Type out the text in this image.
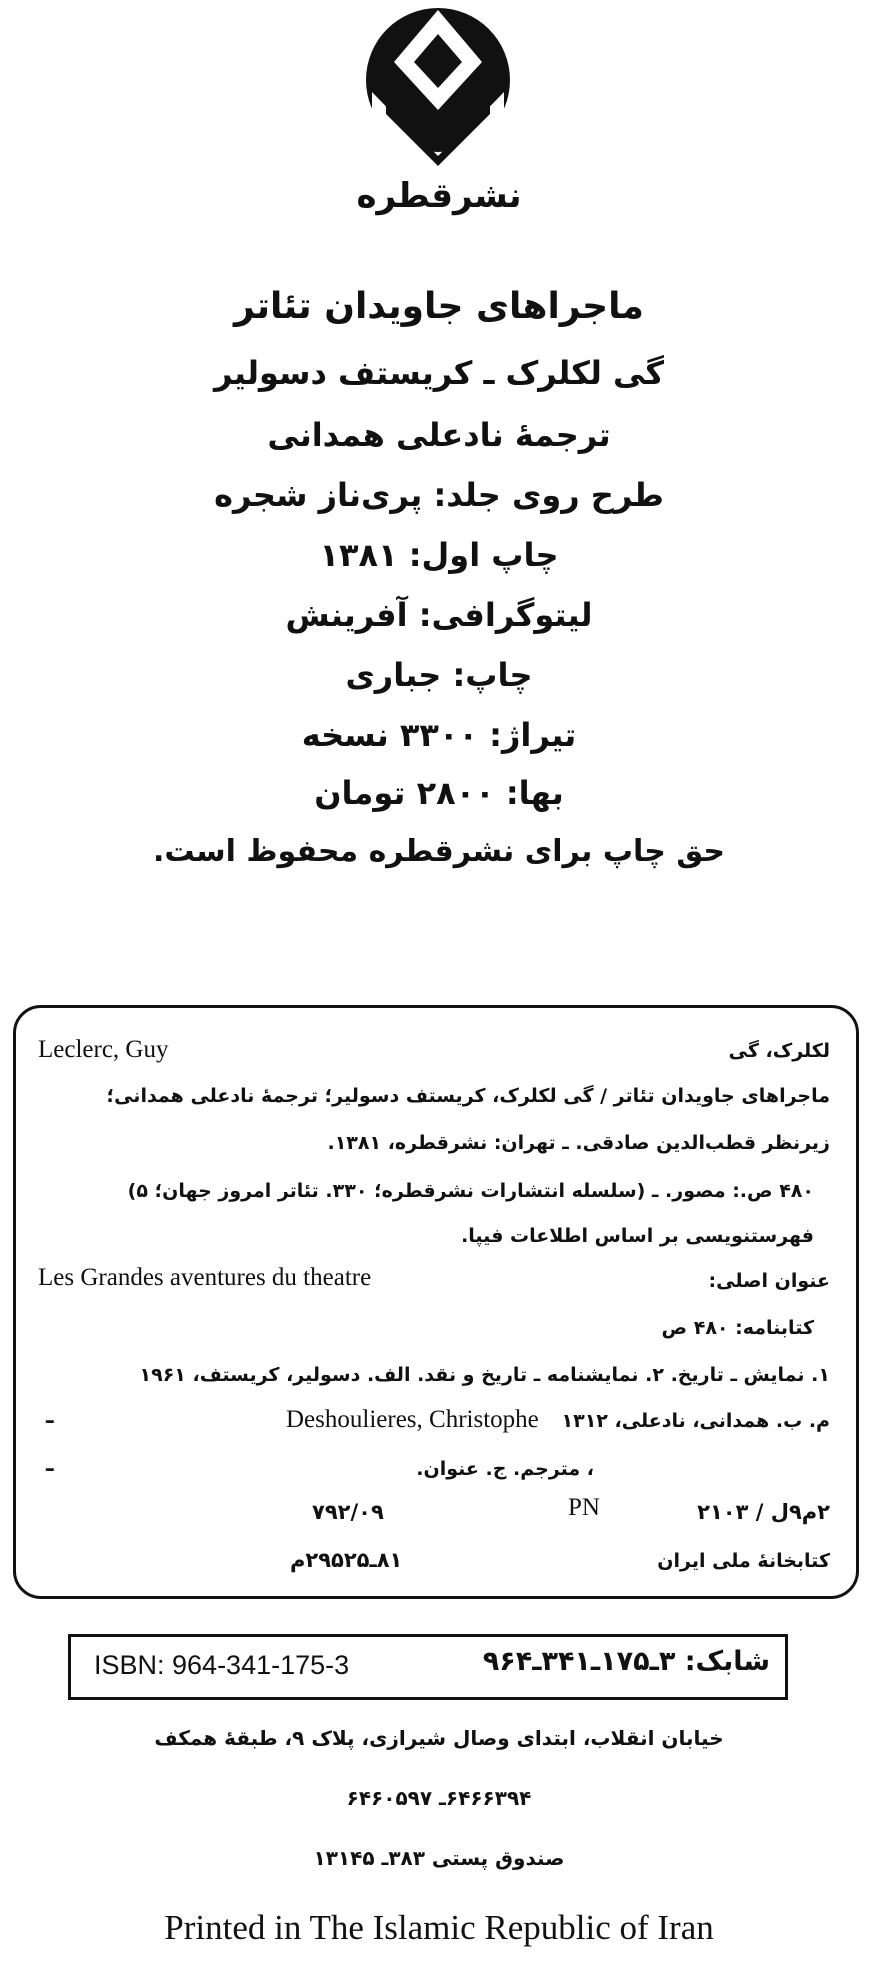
نشرقطره
ماجراهای جاویدان تئاتر
گی لکلرک ـ کریستف دسولیر
ترجمهٔ نادعلی همدانی
طرح روی جلد: پری‌ناز شجره
چاپ اول: ۱۳۸۱
لیتوگرافی: آفرینش
چاپ: جباری
تیراژ: ۳۳۰۰ نسخه
بها: ۲۸۰۰ تومان
حق چاپ برای نشرقطره محفوظ است.
Leclerc, Guy	لکلرک، گی
ماجراهای جاویدان تئاتر / گی لکلرک، کریستف دسولیر؛ ترجمهٔ نادعلی همدانی؛
زیرنظر قطب‌الدین صادقی. ـ تهران: نشرقطره، ۱۳۸۱.
۴۸۰ ص.: مصور. ـ (سلسله انتشارات نشرقطره؛ ۳۳۰. تئاتر امروز جهان؛ ۵)
فهرستنویسی بر اساس اطلاعات فیپا.
Les Grandes aventures du theatre	عنوان اصلی:
کتابنامه: ۴۸۰ ص
۱. نمایش ـ تاریخ. ۲. نمایشنامه ـ تاریخ و نقد. الف. دسولیر، کریستف، ۱۹۶۱
ـ	Deshoulieres, Christophe م. ب. همدانی، نادعلی، ۱۳۱۲
ـ	، مترجم. ج. عنوان.
۷۹۲/۰۹	PN	۲م۹ل / ۲۱۰۳
۸۱ـ۲۹۵۲۵م	کتابخانهٔ ملی ایران
ISBN: 964-341-175-3	شابک: ۳ـ۱۷۵ـ۳۴۱ـ۹۶۴
خیابان انقلاب، ابتدای وصال شیرازی، پلاک ۹، طبقهٔ همکف
۶۴۶۶۳۹۴ـ ۶۴۶۰۵۹۷
صندوق پستی ۳۸۳ـ ۱۳۱۴۵
Printed in The Islamic Republic of Iran
